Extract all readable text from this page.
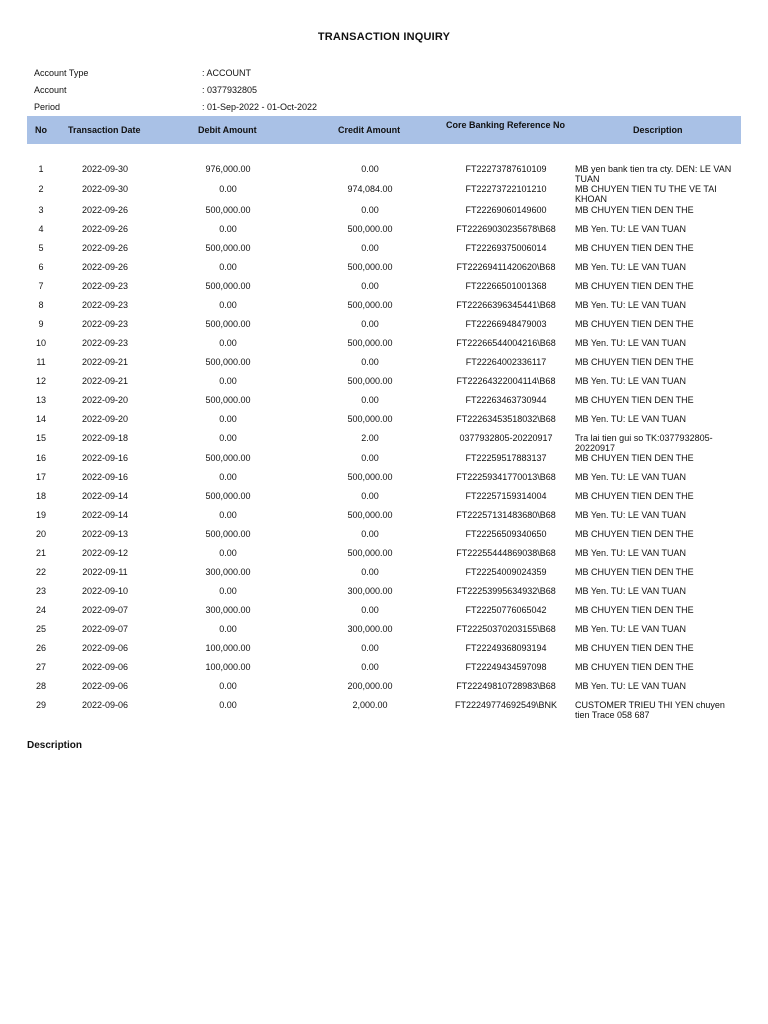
TRANSACTION INQUIRY
Account Type	: ACCOUNT
Account	: 0377932805
Period	: 01-Sep-2022 - 01-Oct-2022
No Transaction Date	Debit Amount	Credit Amount	Core Banking Reference No	Description
1	2022-09-30	976,000.00	0.00	FT22273787610109	MB yen bank tien tra cty. DEN: LE VAN TUAN
2	2022-09-30	0.00	974,084.00	FT22273722101210	MB CHUYEN TIEN TU THE VE TAI KHOAN
3	2022-09-26	500,000.00	0.00	FT22269060149600	MB CHUYEN TIEN DEN THE
4	2022-09-26	0.00	500,000.00	FT22269030235678\B68	MB Yen. TU: LE VAN TUAN
5	2022-09-26	500,000.00	0.00	FT22269375006014	MB CHUYEN TIEN DEN THE
6	2022-09-26	0.00	500,000.00	FT22269411420620\B68	MB Yen. TU: LE VAN TUAN
7	2022-09-23	500,000.00	0.00	FT22266501001368	MB CHUYEN TIEN DEN THE
8	2022-09-23	0.00	500,000.00	FT22266396345441\B68	MB Yen. TU: LE VAN TUAN
9	2022-09-23	500,000.00	0.00	FT22266948479003	MB CHUYEN TIEN DEN THE
10	2022-09-23	0.00	500,000.00	FT22266544004216\B68	MB Yen. TU: LE VAN TUAN
11	2022-09-21	500,000.00	0.00	FT22264002336117	MB CHUYEN TIEN DEN THE
12	2022-09-21	0.00	500,000.00	FT22264322004114\B68	MB Yen. TU: LE VAN TUAN
13	2022-09-20	500,000.00	0.00	FT22263463730944	MB CHUYEN TIEN DEN THE
14	2022-09-20	0.00	500,000.00	FT22263453518032\B68	MB Yen. TU: LE VAN TUAN
15	2022-09-18	0.00	2.00	0377932805-20220917	Tra lai tien gui so TK:0377932805-20220917
16	2022-09-16	500,000.00	0.00	FT22259517883137	MB CHUYEN TIEN DEN THE
17	2022-09-16	0.00	500,000.00	FT22259341770013\B68	MB Yen. TU: LE VAN TUAN
18	2022-09-14	500,000.00	0.00	FT22257159314004	MB CHUYEN TIEN DEN THE
19	2022-09-14	0.00	500,000.00	FT22257131483680\B68	MB Yen. TU: LE VAN TUAN
20	2022-09-13	500,000.00	0.00	FT22256509340650	MB CHUYEN TIEN DEN THE
21	2022-09-12	0.00	500,000.00	FT22255444869038\B68	MB Yen. TU: LE VAN TUAN
22	2022-09-11	300,000.00	0.00	FT22254009024359	MB CHUYEN TIEN DEN THE
23	2022-09-10	0.00	300,000.00	FT22253995634932\B68	MB Yen. TU: LE VAN TUAN
24	2022-09-07	300,000.00	0.00	FT22250776065042	MB CHUYEN TIEN DEN THE
25	2022-09-07	0.00	300,000.00	FT22250370203155\B68	MB Yen. TU: LE VAN TUAN
26	2022-09-06	100,000.00	0.00	FT22249368093194	MB CHUYEN TIEN DEN THE
27	2022-09-06	100,000.00	0.00	FT22249434597098	MB CHUYEN TIEN DEN THE
28	2022-09-06	0.00	200,000.00	FT22249810728983\B68	MB Yen. TU: LE VAN TUAN
29	2022-09-06	0.00	2,000.00	FT22249774692549\BNK	CUSTOMER TRIEU THI YEN chuyen tien Trace 058 687
Description
